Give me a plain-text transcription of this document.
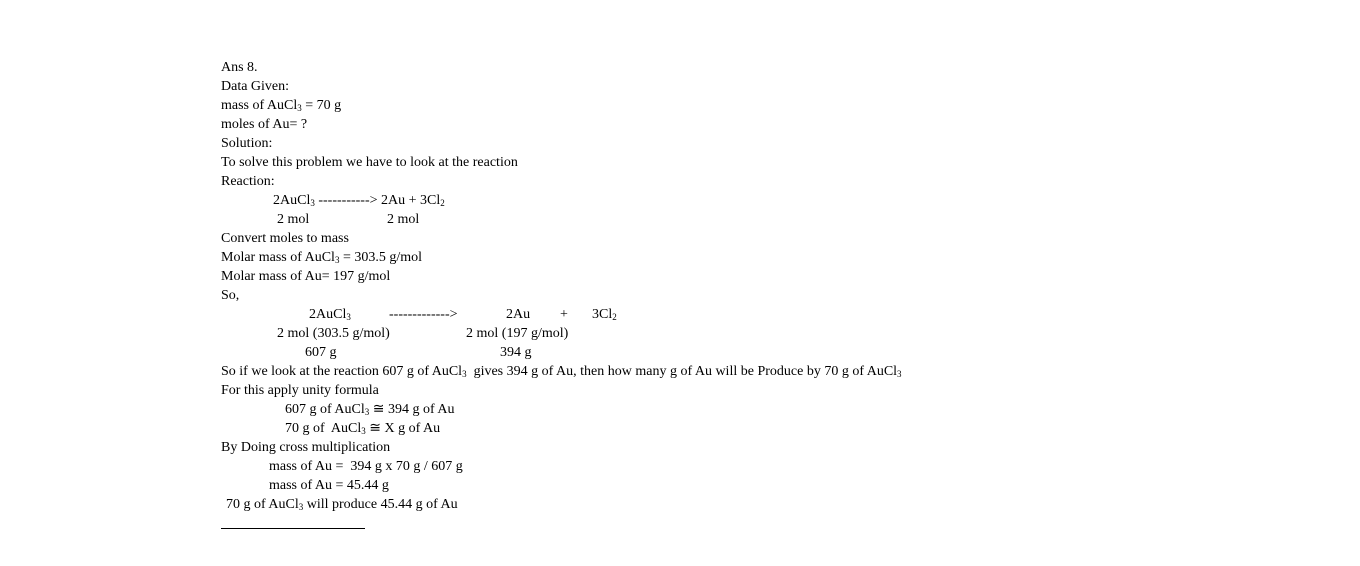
Ans 8.
Data Given:
mass of AuCl$_3$ = 70 g
moles of Au= ?
Solution:
To solve this problem we have to look at the reaction
Reaction:
2AuCl$_3$ -----------> $2Au + 3Cl_2$
2 mol	2 mol
Convert moles to mass
Molar mass of AuCl$_3$ = 303.5 g/mol
Molar mass of Au= 197 g/mol
So,
2AuCl$_3$	------------->	$2Au + 3Cl_2$
2 mol (303.5 g/mol)	2 mol (197 g/mol)
607 g	394 g
So if we look at the reaction 607 g of AuCl$_3$  gives 394 g of Au, then how many g of Au will be Produce by 70 g of AuCl$_3$
For this apply unity formula
607 g of AuCl$_3$ ≅ 394 g of Au
70 g of  AuCl$_3$ ≅ X g of Au
By Doing cross multiplication
mass of Au =  394 g x 70 g / 607 g
mass of Au = 45.44 g
70 g of AuCl$_3$ will produce 45.44 g of Au
